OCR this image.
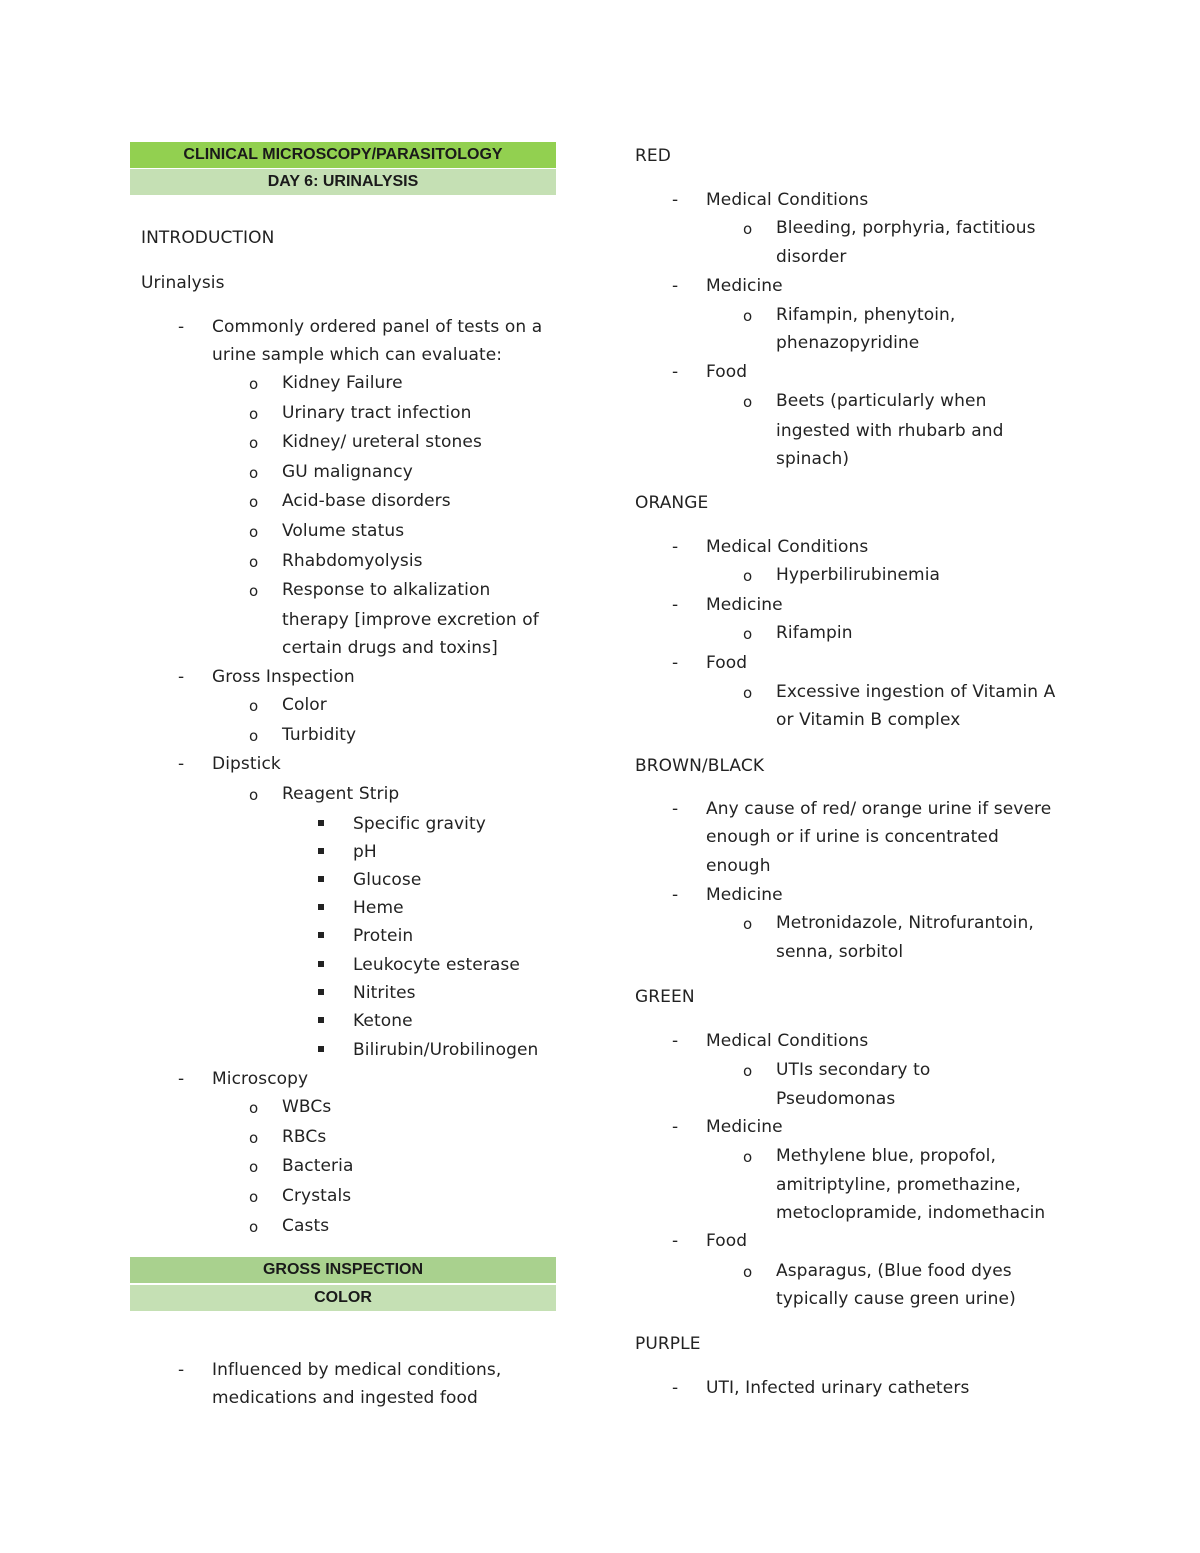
CLINICAL MICROSCOPY/PARASITOLOGY
DAY 6: URINALYSIS
INTRODUCTION
Urinalysis
- Commonly ordered panel of tests on a
urine sample which can evaluate:
o Kidney Failure
o Urinary tract infection
o Kidney/ ureteral stones
o GU malignancy
o Acid-base disorders
o Volume status
o Rhabdomyolysis
o Response to alkalization
therapy [improve excretion of
certain drugs and toxins]
- Gross Inspection
o Color
o Turbidity
- Dipstick
o Reagent Strip
Specific gravity
pH
Glucose
Heme
Protein
Leukocyte esterase
Nitrites
Ketone
Bilirubin/Urobilinogen
- Microscopy
o WBCs
o RBCs
o Bacteria
o Crystals
o Casts
GROSS INSPECTION
COLOR
- Influenced by medical conditions,
medications and ingested food
RED
- Medical Conditions
o Bleeding, porphyria, factitious
disorder
- Medicine
o Rifampin, phenytoin,
phenazopyridine
- Food
o Beets (particularly when
ingested with rhubarb and
spinach)
ORANGE
- Medical Conditions
o Hyperbilirubinemia
- Medicine
o Rifampin
- Food
o Excessive ingestion of Vitamin A
or Vitamin B complex
BROWN/BLACK
- Any cause of red/ orange urine if severe
enough or if urine is concentrated
enough
- Medicine
o Metronidazole, Nitrofurantoin,
senna, sorbitol
GREEN
- Medical Conditions
o UTIs secondary to
Pseudomonas
- Medicine
o Methylene blue, propofol,
amitriptyline, promethazine,
metoclopramide, indomethacin
- Food
o Asparagus, (Blue food dyes
typically cause green urine)
PURPLE
- UTI, Infected urinary catheters
